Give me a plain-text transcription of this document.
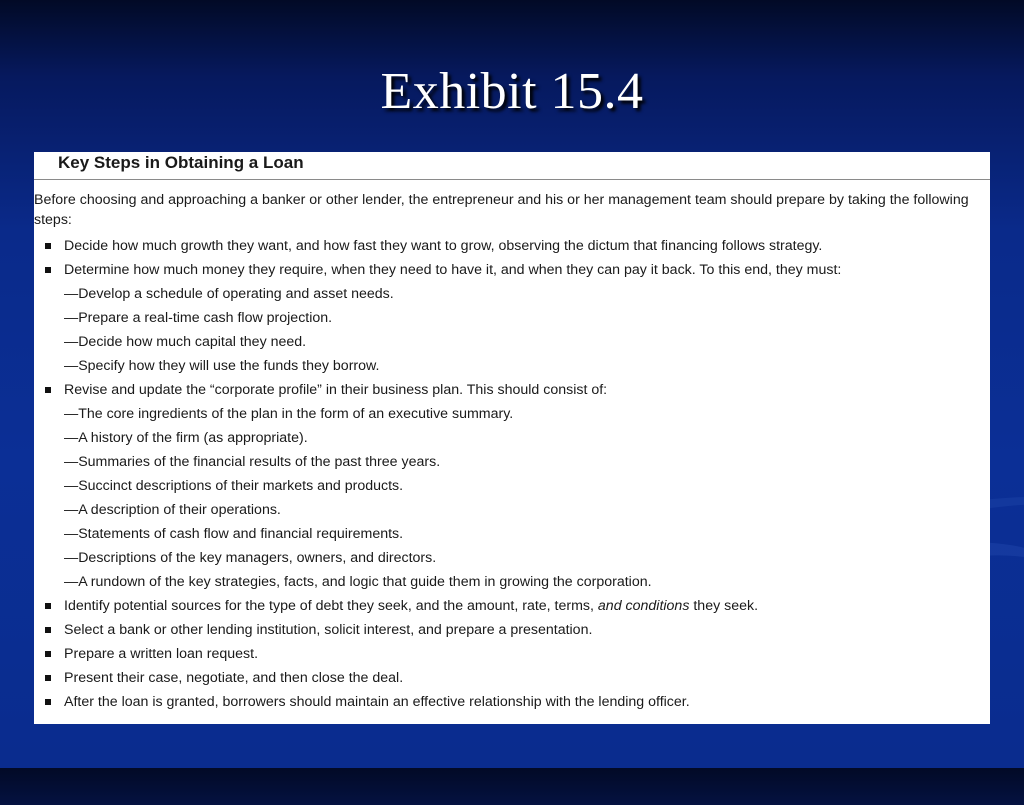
Exhibit 15.4
Key Steps in Obtaining a Loan

Before choosing and approaching a banker or other lender, the entrepreneur and his or her management team should prepare by taking the following steps:

Decide how much growth they want, and how fast they want to grow, observing the dictum that financing follows strategy.
Determine how much money they require, when they need to have it, and when they can pay it back. To this end, they must:
—Develop a schedule of operating and asset needs.
—Prepare a real-time cash flow projection.
—Decide how much capital they need.
—Specify how they will use the funds they borrow.
Revise and update the “corporate profile” in their business plan. This should consist of:
—The core ingredients of the plan in the form of an executive summary.
—A history of the firm (as appropriate).
—Summaries of the financial results of the past three years.
—Succinct descriptions of their markets and products.
—A description of their operations.
—Statements of cash flow and financial requirements.
—Descriptions of the key managers, owners, and directors.
—A rundown of the key strategies, facts, and logic that guide them in growing the corporation.
Identify potential sources for the type of debt they seek, and the amount, rate, terms, and conditions they seek.
Select a bank or other lending institution, solicit interest, and prepare a presentation.
Prepare a written loan request.
Present their case, negotiate, and then close the deal.
After the loan is granted, borrowers should maintain an effective relationship with the lending officer.
